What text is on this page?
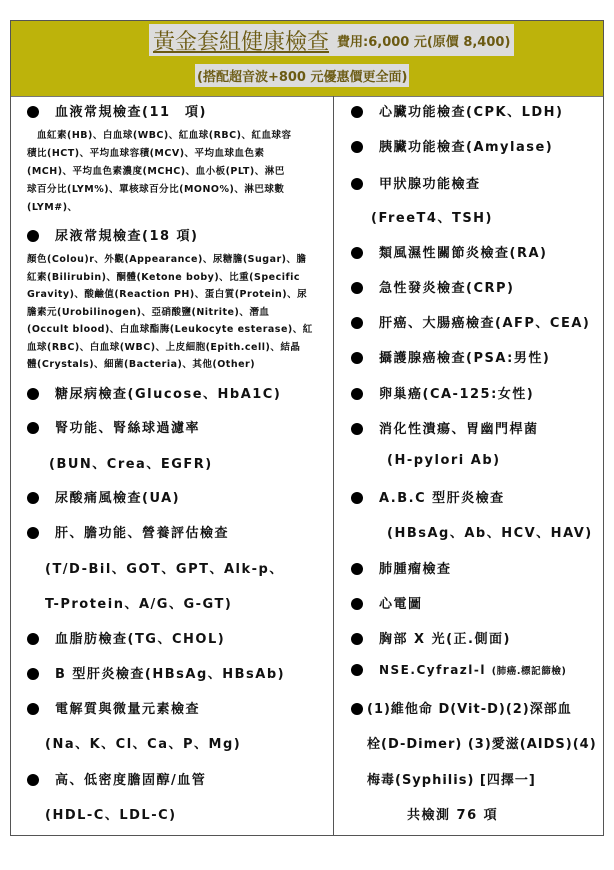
黃金套組健康檢查 費用:6,000 元(原價 8,400)
(搭配超音波+800 元優惠價更全面)
血液常規檢查(11　項)
　血紅素(HB)、白血球(WBC)、紅血球(RBC)、紅血球容
積比(HCT)、平均血球容積(MCV)、平均血球血色素
(MCH)、平均血色素濃度(MCHC)、血小板(PLT)、淋巴
球百分比(LYM%)、單核球百分比(MONO%)、淋巴球數
(LYM#)、
尿液常規檢查(18 項)
顏色(Colou)r、外觀(Appearance)、尿糖膽(Sugar)、膽
紅素(Bilirubin)、酮體(Ketone boby)、比重(Specific
Gravity)、酸鹼值(Reaction PH)、蛋白質(Protein)、尿
膽素元(Urobilinogen)、亞硝酸鹽(Nitrite)、潛血
(Occult blood)、白血球酯脢(Leukocyte esterase)、紅
血球(RBC)、白血球(WBC)、上皮細胞(Epith.cell)、結晶
體(Crystals)、細菌(Bacteria)、其他(Other)
糖尿病檢查(Glucose、HbA1C)
腎功能、腎絲球過濾率
(BUN、Crea、EGFR)
尿酸痛風檢查(UA)
肝、膽功能、營養評估檢查
(T/D-Bil、GOT、GPT、Alk-p、
T-Protein、A/G、G-GT)
血脂肪檢查(TG、CHOL)
B 型肝炎檢查(HBsAg、HBsAb)
電解質與微量元素檢查
(Na、K、Cl、Ca、P、Mg)
高、低密度膽固醇/血管
(HDL-C、LDL-C)
心臟功能檢查(CPK、LDH)
胰臟功能檢查(Amylase)
甲狀腺功能檢查
(FreeT4、TSH)
類風濕性關節炎檢查(RA)
急性發炎檢查(CRP)
肝癌、大腸癌檢查(AFP、CEA)
攝護腺癌檢查(PSA:男性)
卵巢癌(CA-125:女性)
消化性潰瘍、胃幽門桿菌
(H-pylori Ab)
A.B.C 型肝炎檢查
(HBsAg、Ab、HCV、HAV)
肺腫瘤檢查
心電圖
胸部 X 光(正.側面)
NSE.Cyfrazl-l (肺癌.標記篩檢)
(1)維他命 D(Vit-D)(2)深部血
栓(D-Dimer) (3)愛滋(AIDS)(4)
梅毒(Syphilis) [四擇一]
共檢測 76 項
